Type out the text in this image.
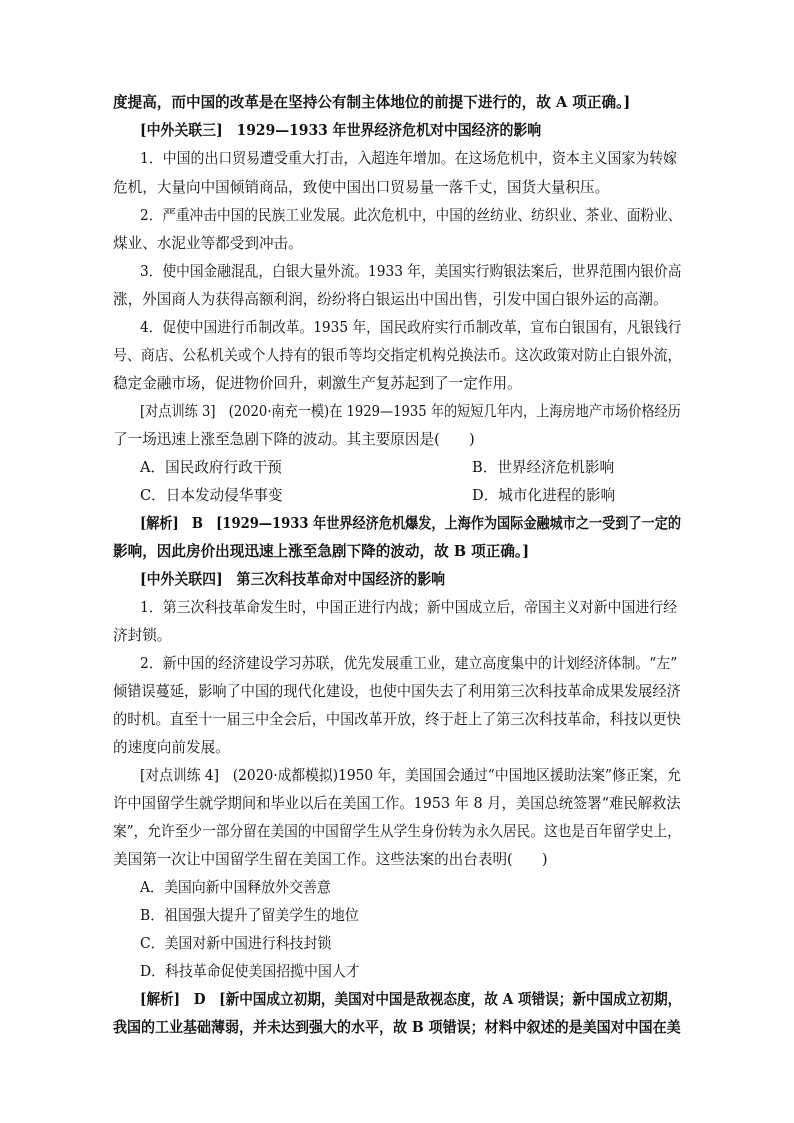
度提高，而中国的改革是在坚持公有制主体地位的前提下进行的，故 A 项正确。]
[中外关联三]　1929—1933 年世界经济危机对中国经济的影响
1．中国的出口贸易遭受重大打击，入超连年增加。在这场危机中，资本主义国家为转嫁
危机，大量向中国倾销商品，致使中国出口贸易量一落千丈，国货大量积压。
2．严重冲击中国的民族工业发展。此次危机中，中国的丝纺业、纺织业、茶业、面粉业、
煤业、水泥业等都受到冲击。
3．使中国金融混乱，白银大量外流。1933 年，美国实行购银法案后，世界范围内银价高
涨，外国商人为获得高额利润，纷纷将白银运出中国出售，引发中国白银外运的高潮。
4．促使中国进行币制改革。1935 年，国民政府实行币制改革，宣布白银国有，凡银钱行
号、商店、公私机关或个人持有的银币等均交指定机构兑换法币。这次政策对防止白银外流，
稳定金融市场，促进物价回升，刺激生产复苏起到了一定作用。
[对点训练 3]　(2020·南充一模)在 1929—1935 年的短短几年内，上海房地产市场价格经历
了一场迅速上涨至急剧下降的波动。其主要原因是(　　)
A．国民政府行政干预	B．世界经济危机影响
C．日本发动侵华事变	D．城市化进程的影响
[解析]　B　[1929—1933 年世界经济危机爆发，上海作为国际金融城市之一受到了一定的
影响，因此房价出现迅速上涨至急剧下降的波动，故 B 项正确。]
[中外关联四]　第三次科技革命对中国经济的影响
1．第三次科技革命发生时，中国正进行内战；新中国成立后，帝国主义对新中国进行经
济封锁。
2．新中国的经济建设学习苏联，优先发展重工业，建立高度集中的计划经济体制。“左”
倾错误蔓延，影响了中国的现代化建设，也使中国失去了利用第三次科技革命成果发展经济
的时机。直至十一届三中全会后，中国改革开放，终于赶上了第三次科技革命，科技以更快
的速度向前发展。
[对点训练 4]　(2020·成都模拟)1950 年，美国国会通过“中国地区援助法案”修正案，允
许中国留学生就学期间和毕业以后在美国工作。1953 年 8 月，美国总统签署“难民解救法
案”，允许至少一部分留在美国的中国留学生从学生身份转为永久居民。这也是百年留学史上，
美国第一次让中国留学生留在美国工作。这些法案的出台表明(　　)
A．美国向新中国释放外交善意
B．祖国强大提升了留美学生的地位
C．美国对新中国进行科技封锁
D．科技革命促使美国招揽中国人才
[解析]　D　[新中国成立初期，美国对中国是敌视态度，故 A 项错误；新中国成立初期，
我国的工业基础薄弱，并未达到强大的水平，故 B 项错误；材料中叙述的是美国对中国在美
